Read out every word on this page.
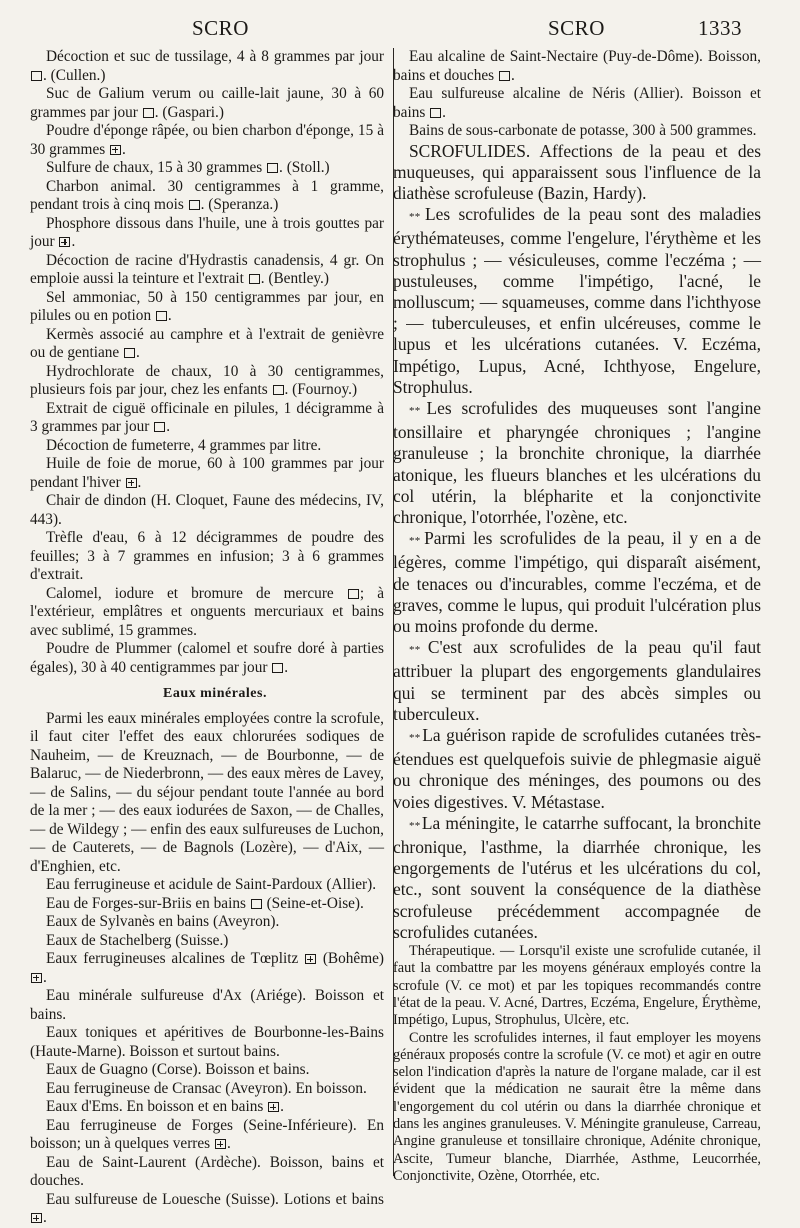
SCRO	SCRO	1333

Décoction et suc de tussilage, 4 à 8 grammes par jour . (Cullen.)

Suc de Galium verum ou caille-lait jaune, 30 à 60 grammes par jour . (Gaspari.)

Poudre d'éponge râpée, ou bien charbon d'éponge, 15 à 30 grammes .

Sulfure de chaux, 15 à 30 grammes . (Stoll.)

Charbon animal. 30 centigrammes à 1 gramme, pendant trois à cinq mois . (Speranza.)

Phosphore dissous dans l'huile, une à trois gouttes par jour .

Décoction de racine d'Hydrastis canadensis, 4 gr. On emploie aussi la teinture et l'extrait . (Bentley.)

Sel ammoniac, 50 à 150 centigrammes par jour, en pilules ou en potion .

Kermès associé au camphre et à l'extrait de genièvre ou de gentiane .

Hydrochlorate de chaux, 10 à 30 centigrammes, plusieurs fois par jour, chez les enfants . (Fournoy.)

Extrait de ciguë officinale en pilules, 1 décigramme à 3 grammes par jour .

Décoction de fumeterre, 4 grammes par litre.

Huile de foie de morue, 60 à 100 grammes par jour pendant l'hiver .

Chair de dindon (H. Cloquet, Faune des médecins, IV, 443).

Trèfle d'eau, 6 à 12 décigrammes de poudre des feuilles; 3 à 7 grammes en infusion; 3 à 6 grammes d'extrait.

Calomel, iodure et bromure de mercure ; à l'extérieur, emplâtres et onguents mercuriaux et bains avec sublimé, 15 grammes.

Poudre de Plummer (calomel et soufre doré à parties égales), 30 à 40 centigrammes par jour .

Eaux minérales.

Parmi les eaux minérales employées contre la scrofule, il faut citer l'effet des eaux chlorurées sodiques de Nauheim, — de Kreuznach, — de Bourbonne, — de Balaruc, — de Niederbronn, — des eaux mères de Lavey, — de Salins, — du séjour pendant toute l'année au bord de la mer ; — des eaux iodurées de Saxon, — de Challes, — de Wildegy ; — enfin des eaux sulfureuses de Luchon, — de Cauterets, — de Bagnols (Lozère), — d'Aix, — d'Enghien, etc.

Eau ferrugineuse et acidule de Saint-Pardoux (Allier).

Eau de Forges-sur-Briis en bains  (Seine-et-Oise).

Eaux de Sylvanès en bains (Aveyron).

Eaux de Stachelberg (Suisse.)

Eaux ferrugineuses alcalines de Tœplitz  (Bohême) .

Eau minérale sulfureuse d'Ax (Ariége). Boisson et bains.

Eaux toniques et apéritives de Bourbonne-les-Bains (Haute-Marne). Boisson et surtout bains.

Eaux de Guagno (Corse). Boisson et bains.

Eau ferrugineuse de Cransac (Aveyron). En boisson.

Eaux d'Ems. En boisson et en bains .

Eau ferrugineuse de Forges (Seine-Inférieure). En boisson; un à quelques verres .

Eau de Saint-Laurent (Ardèche). Boisson, bains et douches.

Eau sulfureuse de Louesche (Suisse). Lotions et bains .

Eau alcaline de Saint-Nectaire (Puy-de-Dôme). Boisson, bains et douches .

Eau sulfureuse alcaline de Néris (Allier). Boisson et bains .

Bains de sous-carbonate de potasse, 300 à 500 grammes.

SCROFULIDES. Affections de la peau et des muqueuses, qui apparaissent sous l'influence de la diathèse scrofuleuse (Bazin, Hardy).

* * Les scrofulides de la peau sont des maladies érythémateuses, comme l'engelure, l'érythème et les strophulus ; — vésiculeuses, comme l'eczéma ; — pustuleuses, comme l'impétigo, l'acné, le molluscum; — squameuses, comme dans l'ichthyose ; — tuberculeuses, et enfin ulcéreuses, comme le lupus et les ulcérations cutanées. V. Eczéma, Impétigo, Lupus, Acné, Ichthyose, Engelure, Strophulus.

* * Les scrofulides des muqueuses sont l'angine tonsillaire et pharyngée chroniques ; l'angine granuleuse ; la bronchite chronique, la diarrhée atonique, les flueurs blanches et les ulcérations du col utérin, la blépharite et la conjonctivite chronique, l'otorrhée, l'ozène, etc.

* * Parmi les scrofulides de la peau, il y en a de légères, comme l'impétigo, qui disparaît aisément, de tenaces ou d'incurables, comme l'eczéma, et de graves, comme le lupus, qui produit l'ulcération plus ou moins profonde du derme.

* * C'est aux scrofulides de la peau qu'il faut attribuer la plupart des engorgements glandulaires qui se terminent par des abcès simples ou tuberculeux.

* * La guérison rapide de scrofulides cutanées très-étendues est quelquefois suivie de phlegmasie aiguë ou chronique des méninges, des poumons ou des voies digestives. V. Métastase.

* * La méningite, le catarrhe suffocant, la bronchite chronique, l'asthme, la diarrhée chronique, les engorgements de l'utérus et les ulcérations du col, etc., sont souvent la conséquence de la diathèse scrofuleuse précédemment accompagnée de scrofulides cutanées.

Thérapeutique. — Lorsqu'il existe une scrofulide cutanée, il faut la combattre par les moyens généraux employés contre la scrofule (V. ce mot) et par les topiques recommandés contre l'état de la peau. V. Acné, Dartres, Eczéma, Engelure, Érythème, Impétigo, Lupus, Strophulus, Ulcère, etc.

Contre les scrofulides internes, il faut employer les moyens généraux proposés contre la scrofule (V. ce mot) et agir en outre selon l'indication d'après la nature de l'organe malade, car il est évident que la médication ne saurait être la même dans l'engorgement du col utérin ou dans la diarrhée chronique et dans les angines granuleuses. V. Méningite granuleuse, Carreau, Angine granuleuse et tonsillaire chronique, Adénite chronique, Ascite, Tumeur blanche, Diarrhée, Asthme, Leucorrhée, Conjonctivite, Ozène, Otorrhée, etc.
